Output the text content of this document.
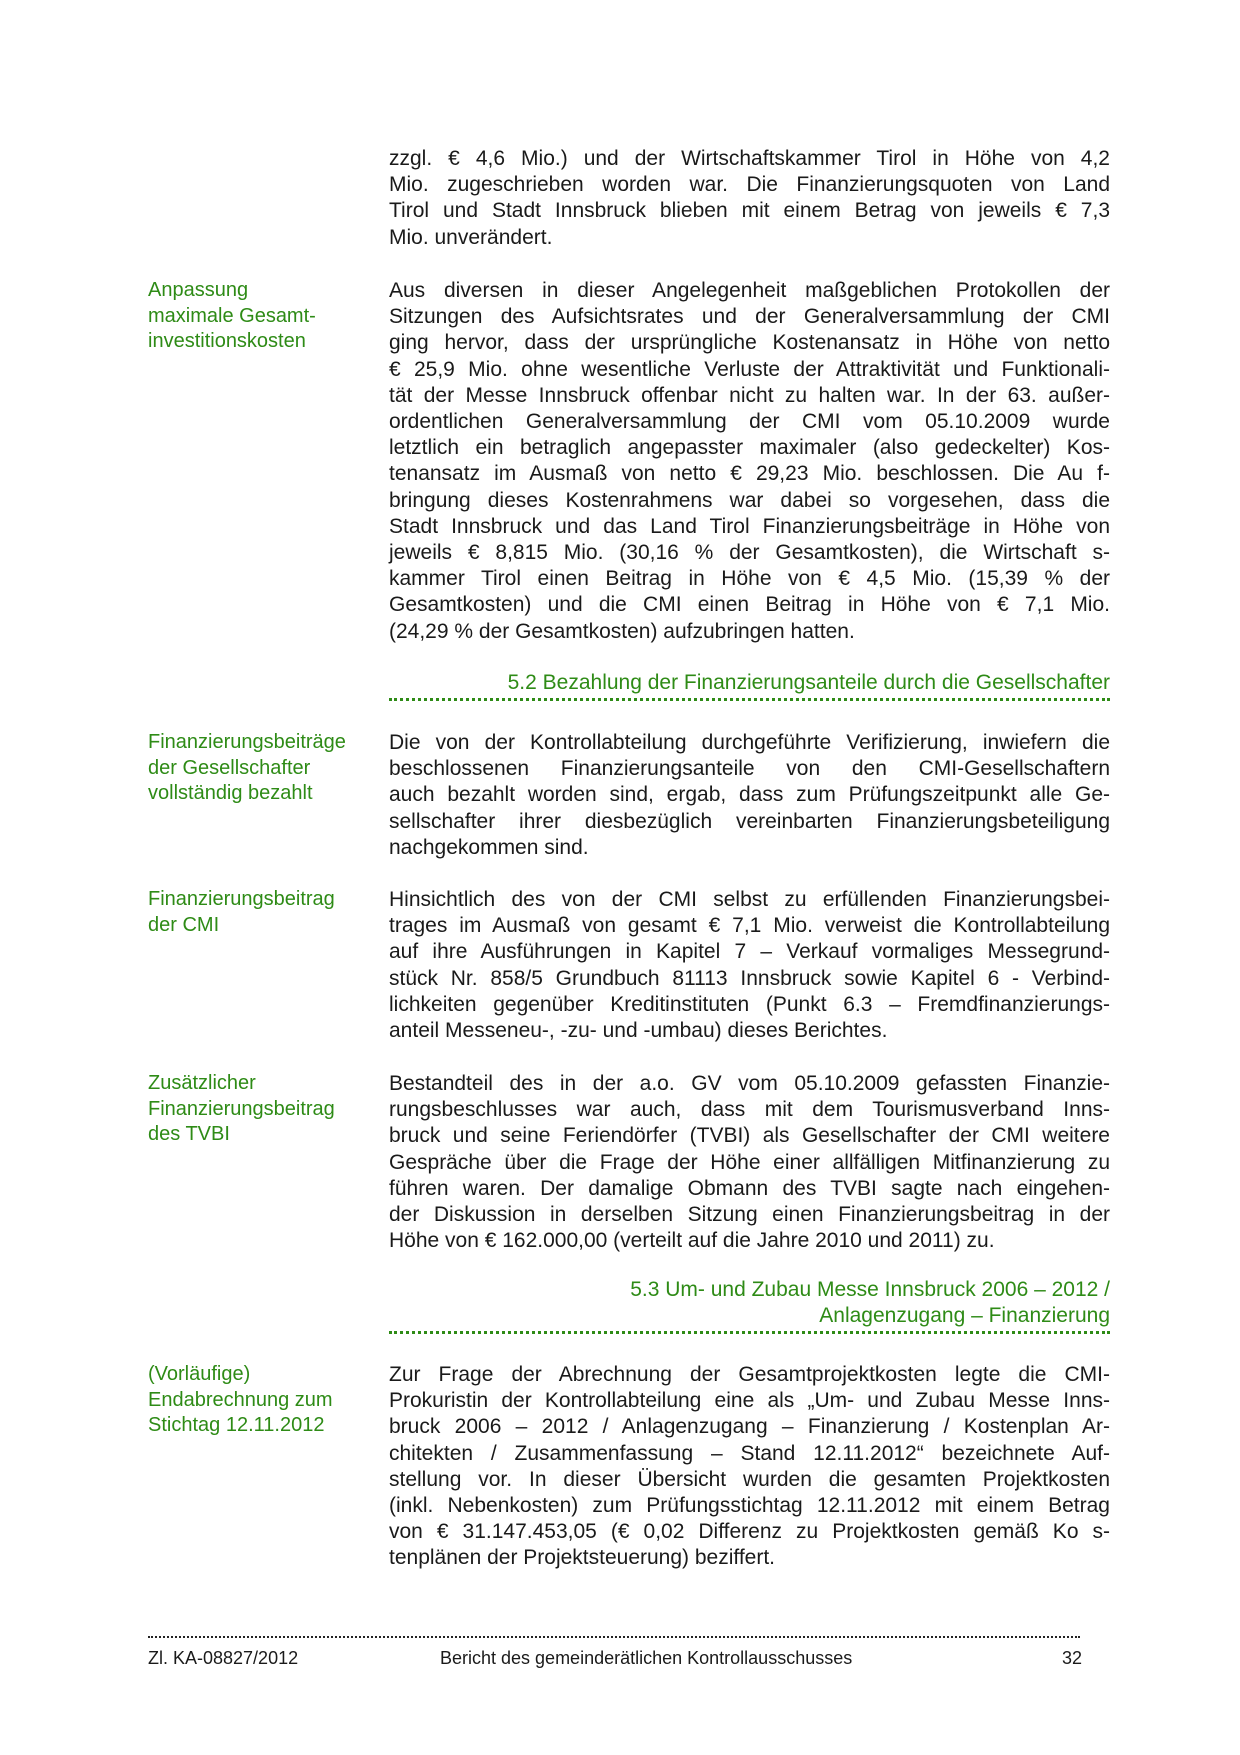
zzgl. € 4,6 Mio.) und der Wirtschaftskammer Tirol in Höhe von 4,2
Mio. zugeschrieben worden war. Die Finanzierungsquoten von Land
Tirol und Stadt Innsbruck blieben mit einem Betrag von jeweils € 7,3
Mio. unverändert.
Anpassung
maximale Gesamt-
investitionskosten
Aus diversen in dieser Angelegenheit maßgeblichen Protokollen der
Sitzungen des Aufsichtsrates und der Generalversammlung der CMI
ging hervor, dass der ursprüngliche Kostenansatz in Höhe von netto
€ 25,9 Mio. ohne wesentliche Verluste der Attraktivität und Funktionali-
tät der Messe Innsbruck offenbar nicht zu halten war. In der 63. außer-
ordentlichen Generalversammlung der CMI vom 05.10.2009 wurde
letztlich ein betraglich angepasster maximaler (also gedeckelter) Kos-
tenansatz im Ausmaß von netto € 29,23 Mio. beschlossen. Die Au f-
bringung dieses Kostenrahmens war dabei so vorgesehen, dass die
Stadt Innsbruck und das Land Tirol Finanzierungsbeiträge in Höhe von
jeweils € 8,815 Mio. (30,16 % der Gesamtkosten), die Wirtschaft s-
kammer Tirol einen Beitrag in Höhe von € 4,5 Mio. (15,39 % der
Gesamtkosten) und die CMI einen Beitrag in Höhe von € 7,1 Mio.
(24,29 % der Gesamtkosten) aufzubringen hatten.
5.2 Bezahlung der Finanzierungsanteile durch die Gesellschafter
Finanzierungsbeiträge
der Gesellschafter
vollständig bezahlt
Die von der Kontrollabteilung durchgeführte Verifizierung, inwiefern die
beschlossenen Finanzierungsanteile von den CMI-Gesellschaftern
auch bezahlt worden sind, ergab, dass zum Prüfungszeitpunkt alle Ge-
sellschafter ihrer diesbezüglich vereinbarten Finanzierungsbeteiligung
nachgekommen sind.
Finanzierungsbeitrag
der CMI
Hinsichtlich des von der CMI selbst zu erfüllenden Finanzierungsbei-
trages im Ausmaß von gesamt € 7,1 Mio. verweist die Kontrollabteilung
auf ihre Ausführungen in Kapitel 7 – Verkauf vormaliges Messegrund-
stück Nr. 858/5 Grundbuch 81113 Innsbruck sowie Kapitel 6 - Verbind-
lichkeiten gegenüber Kreditinstituten (Punkt 6.3 – Fremdfinanzierungs-
anteil Messeneu-, -zu- und -umbau) dieses Berichtes.
Zusätzlicher
Finanzierungsbeitrag
des TVBI
Bestandteil des in der a.o. GV vom 05.10.2009 gefassten Finanzie-
rungsbeschlusses war auch, dass mit dem Tourismusverband Inns-
bruck und seine Feriendörfer (TVBI) als Gesellschafter der CMI weitere
Gespräche über die Frage der Höhe einer allfälligen Mitfinanzierung zu
führen waren. Der damalige Obmann des TVBI sagte nach eingehen-
der Diskussion in derselben Sitzung einen Finanzierungsbeitrag in der
Höhe von € 162.000,00 (verteilt auf die Jahre 2010 und 2011) zu.
5.3 Um- und Zubau Messe Innsbruck 2006 – 2012 /
Anlagenzugang – Finanzierung
(Vorläufige)
Endabrechnung zum
Stichtag 12.11.2012
Zur Frage der Abrechnung der Gesamtprojektkosten legte die CMI-
Prokuristin der Kontrollabteilung eine als „Um- und Zubau Messe Inns-
bruck 2006 – 2012 / Anlagenzugang – Finanzierung / Kostenplan Ar-
chitekten / Zusammenfassung – Stand 12.11.2012“ bezeichnete Auf-
stellung vor. In dieser Übersicht wurden die gesamten Projektkosten
(inkl. Nebenkosten) zum Prüfungsstichtag 12.11.2012 mit einem Betrag
von € 31.147.453,05 (€ 0,02 Differenz zu Projektkosten gemäß Ko s-
tenplänen der Projektsteuerung) beziffert.
Zl. KA-08827/2012	Bericht des gemeinderätlichen Kontrollausschusses	32
